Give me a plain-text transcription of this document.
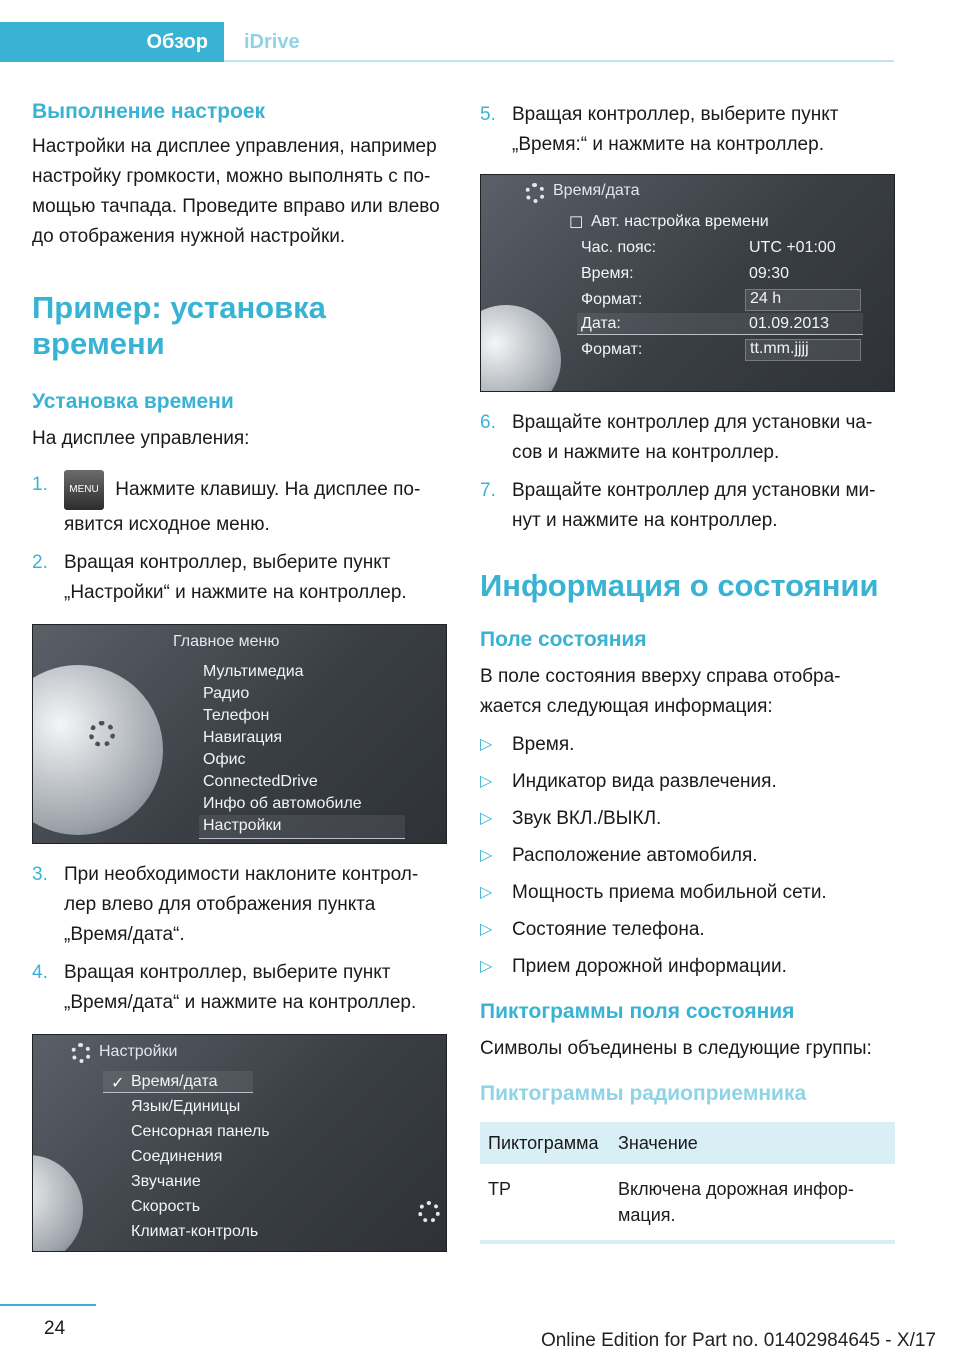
Обзор	iDrive
Выполнение настроек

Настройки на дисплее управления, например настройку громкости, можно выполнять с по-мощью тачпада. Проведите вправо или влево до отображения нужной настройки.

Пример: установка времени
Установка времени

На дисплее управления:

1. MENU Нажмите клавишу. На дисплее по-явится исходное меню.
2. Вращая контроллер, выберите пункт „Настройки“ и нажмите на контроллер.
Главное меню
Мультимедиа
Радио
Телефон
Навигация
Офис
ConnectedDrive
Инфо об автомобиле
Настройки
3. При необходимости наклоните контрол-лер влево для отображения пункта „Время/дата“.
4. Вращая контроллер, выберите пункт „Время/дата“ и нажмите на контроллер.
Настройки
✓ Время/дата
Язык/Единицы
Сенсорная панель
Соединения
Звучание
Скорость
Климат-контроль
5. Вращая контроллер, выберите пункт „Время:“ и нажмите на контроллер.
Время/дата
☐ Авт. настройка времени
Час. пояс:	UTC +01:00
Время:	09:30
Формат:	24 h
Дата:	01.09.2013
Формат:	tt.mm.jjjj
6. Вращайте контроллер для установки ча-сов и нажмите на контроллер.
7. Вращайте контроллер для установки ми-нут и нажмите на контроллер.
Информация о состоянии
Поле состояния

В поле состояния вверху справа отобра-жается следующая информация:

▷ Время.
▷ Индикатор вида развлечения.
▷ Звук ВКЛ./ВЫКЛ.
▷ Расположение автомобиля.
▷ Мощность приема мобильной сети.
▷ Состояние телефона.
▷ Прием дорожной информации.
Пиктограммы поля состояния

Символы объединены в следующие группы:

Пиктограммы радиоприемника
Пиктограмма	Значение
TP	Включена дорожная инфор-мация.
24
Online Edition for Part no. 01402984645 - X/17
